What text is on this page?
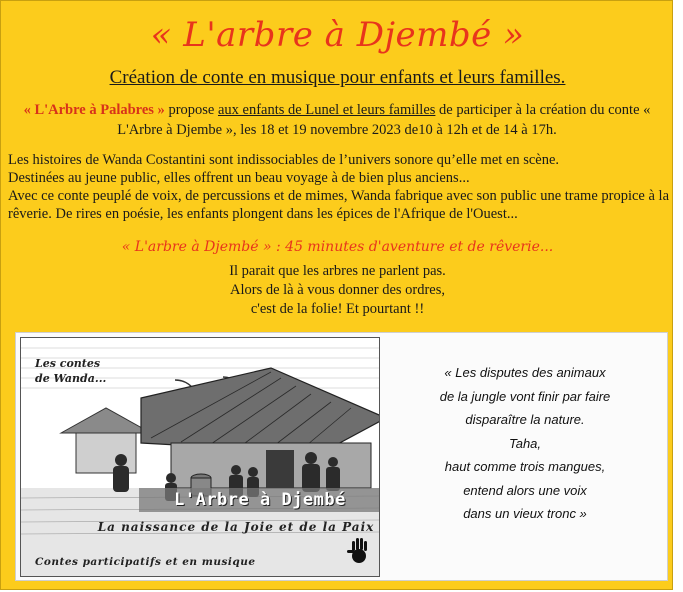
« L'arbre à Djembé »
Création de conte en musique pour enfants et leurs familles.
« L'Arbre à Palabres » propose aux enfants de Lunel et leurs familles de participer à la création du conte « L'Arbre à Djembe », les 18 et 19 novembre 2023 de10 à 12h et de 14 à 17h.
Les histoires de Wanda Costantini sont indissociables de l’univers sonore qu’elle met en scène.
Destinées au jeune public, elles offrent un beau voyage à de bien plus anciens...
Avec ce conte peuplé de voix, de percussions et de mimes, Wanda fabrique avec son public une trame propice à la rêverie. De rires en poésie, les enfants plongent dans les épices de l'Afrique de l'Ouest...
« L'arbre à Djembé » : 45 minutes d'aventure et de rêverie...
Il parait que les arbres ne parlent pas.
Alors de là à vous donner des ordres,
c'est de la folie! Et pourtant !!
Les contes
de Wanda...
L'Arbre à Djembé
La naissance de la Joie et de la Paix
Contes participatifs et en musique
« Les disputes des animaux
de la jungle vont finir par faire
disparaître la nature.
Taha,
haut comme trois mangues,
entend alors une voix
dans un vieux tronc »
